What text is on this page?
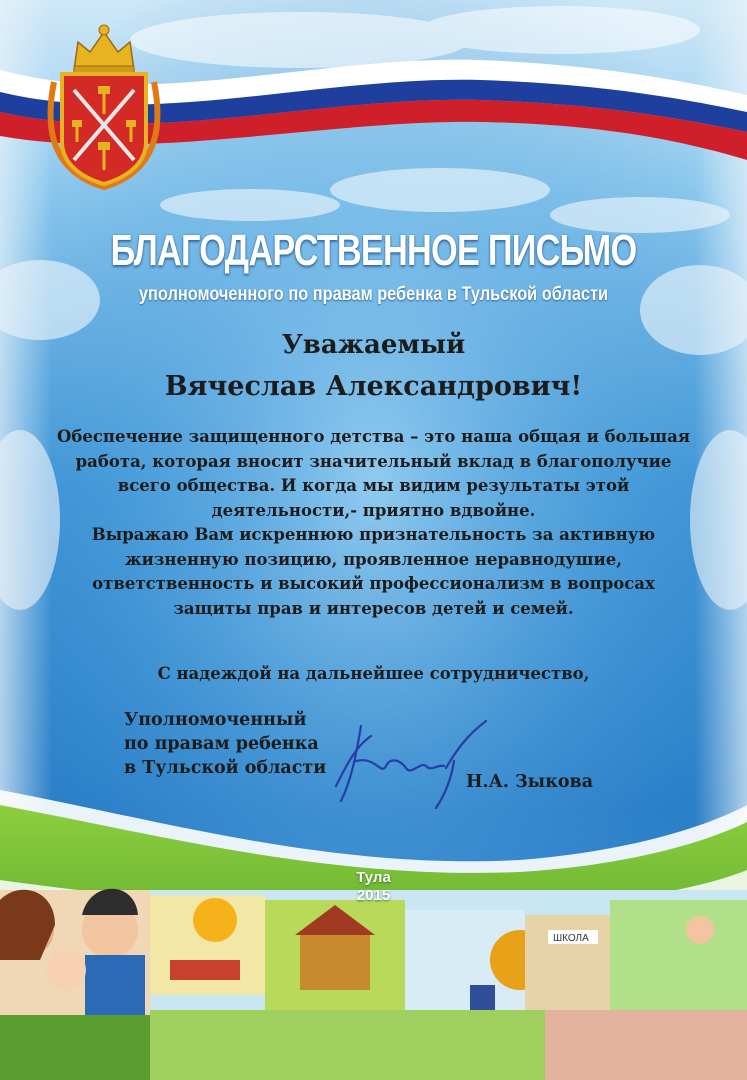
ШКОЛА
БЛАГОДАРСТВЕННОЕ ПИСЬМО
уполномоченного по правам ребенка в Тульской области
Уважаемый
Вячеслав Александрович!
Обеспечение защищенного детства – это наша общая и большая
работа, которая вносит значительный вклад в благополучие
всего общества. И когда мы видим результаты этой
деятельности,- приятно вдвойне.
Выражаю Вам искреннюю признательность за активную
жизненную позицию, проявленное неравнодушие,
ответственность и высокий профессионализм в вопросах
защиты прав и интересов детей и семей.
С надеждой на дальнейшее сотрудничество,
Уполномоченный
по правам ребенка
в Тульской области
Н.А. Зыкова
Тула
2015
